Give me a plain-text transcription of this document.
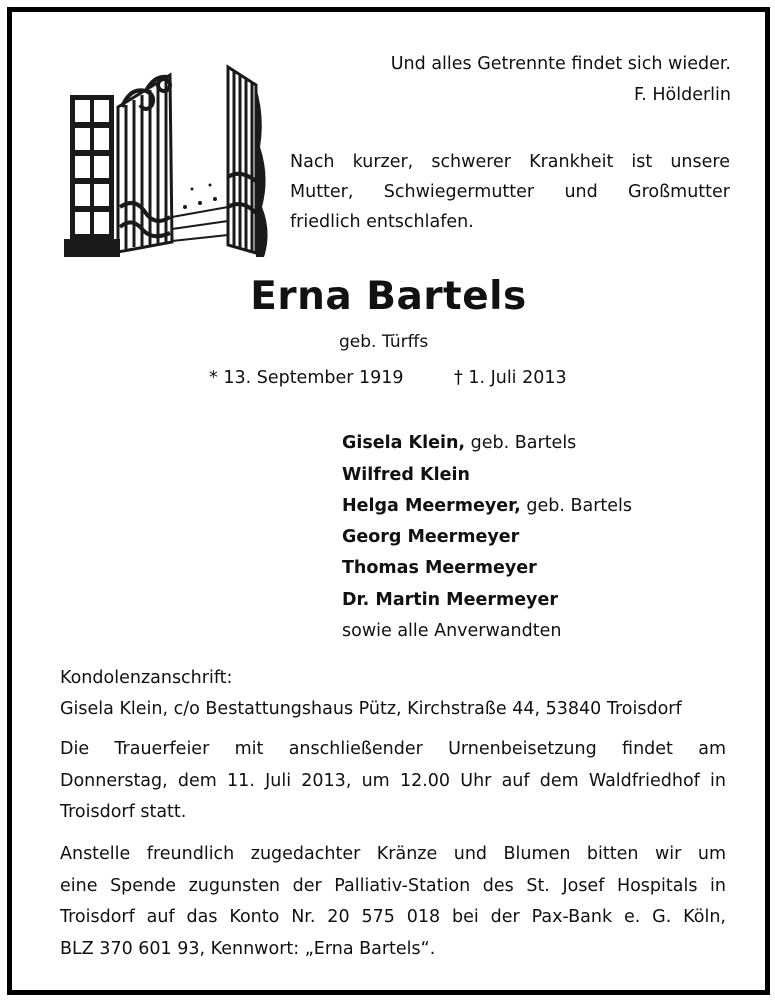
Und alles Getrennte findet sich wieder.
F. Hölderlin
Nach kurzer, schwerer Krankheit ist unsere
Mutter, Schwiegermutter und Großmutter
friedlich entschlafen.
Erna Bartels
geb. Türffs
* 13. September 1919	† 1. Juli 2013
Gisela Klein, geb. Bartels
Wilfred Klein
Helga Meermeyer, geb. Bartels
Georg Meermeyer
Thomas Meermeyer
Dr. Martin Meermeyer
sowie alle Anverwandten
Kondolenzanschrift:
Gisela Klein, c/o Bestattungshaus Pütz, Kirchstraße 44, 53840 Troisdorf
Die Trauerfeier mit anschließender Urnenbeisetzung findet am
Donnerstag, dem 11. Juli 2013, um 12.00 Uhr auf dem Waldfriedhof in
Troisdorf statt.
Anstelle freundlich zugedachter Kränze und Blumen bitten wir um
eine Spende zugunsten der Palliativ-Station des St. Josef Hospitals in
Troisdorf auf das Konto Nr. 20 575 018 bei der Pax-Bank e. G. Köln,
BLZ 370 601 93, Kennwort: „Erna Bartels“.
